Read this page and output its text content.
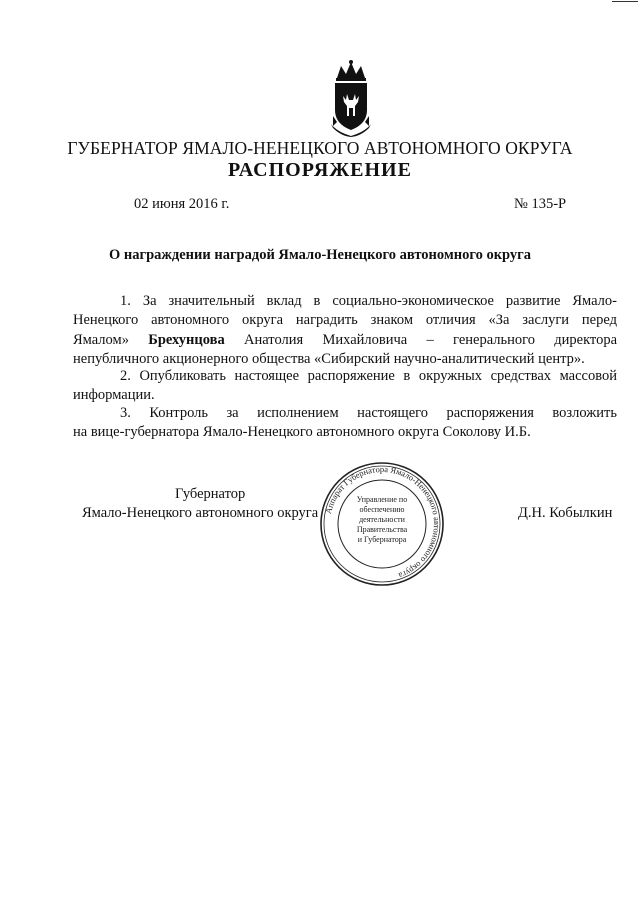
ГУБЕРНАТОР ЯМАЛО-НЕНЕЦКОГО АВТОНОМНОГО ОКРУГА
РАСПОРЯЖЕНИЕ
02 июня 2016 г.	№ 135-Р
О награждении наградой Ямало-Ненецкого автономного округа
1. За значительный вклад в социально-экономическое развитие Ямало-
Ненецкого автономного округа наградить знаком отличия «За заслуги перед
Ямалом» Брехунцова Анатолия Михайловича – генерального директора
непубличного акционерного общества «Сибирский научно-аналитический центр».
2. Опубликовать настоящее распоряжение в окружных средствах массовой
информации.
3. Контроль за исполнением настоящего распоряжения возложить
на вице-губернатора Ямало-Ненецкого автономного округа Соколову И.Б.
Губернатор
Ямало-Ненецкого автономного округа	Д.Н. Кобылкин
Аппарат Губернатора Ямало-Ненецкого автономного округа
Управление по
обеспечению
деятельности
Правительства
и Губернатора
